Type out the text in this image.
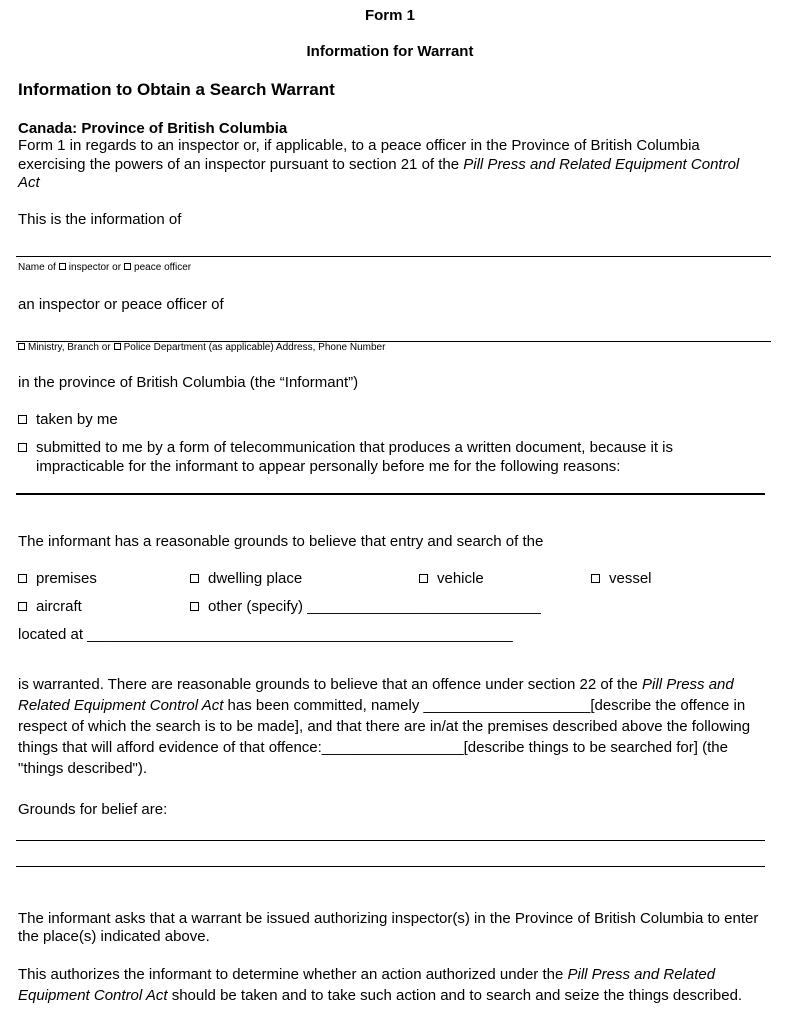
Form 1
Information for Warrant
Information to Obtain a Search Warrant
Canada: Province of British Columbia
Form 1 in regards to an inspector or, if applicable, to a peace officer in the Province of British Columbia exercising the powers of an inspector pursuant to section 21 of the Pill Press and Related Equipment Control Act
This is the information of
Name of inspector or peace officer
an inspector or peace officer of
Ministry, Branch or Police Department (as applicable) Address, Phone Number
in the province of British Columbia (the “Informant”)
taken by me
submitted to me by a form of telecommunication that produces a written document, because it is impracticable for the informant to appear personally before me for the following reasons:
The informant has a reasonable grounds to believe that entry and search of the
premises	dwelling place	vehicle	vessel
aircraft	other (specify) ____________________________
located at ___________________________________________________
is warranted. There are reasonable grounds to believe that an offence under section 22 of the Pill Press and Related Equipment Control Act has been committed, namely ____________________[describe the offence in respect of which the search is to be made], and that there are in/at the premises described above the following things that will afford evidence of that offence:_________________[describe things to be searched for] (the "things described").
Grounds for belief are:
The informant asks that a warrant be issued authorizing inspector(s) in the Province of British Columbia to enter the place(s) indicated above.
This authorizes the informant to determine whether an action authorized under the Pill Press and Related Equipment Control Act should be taken and to take such action and to search and seize the things described.
